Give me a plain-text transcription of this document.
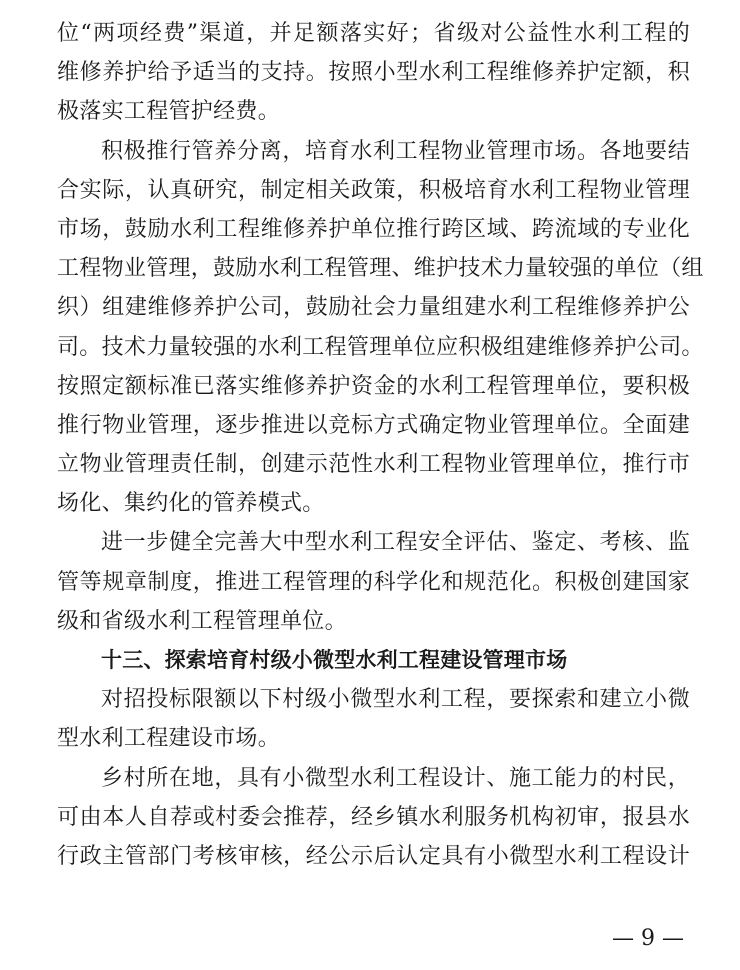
位“两项经费”渠道，并足额落实好；省级对公益性水利工程的
维修养护给予适当的支持。按照小型水利工程维修养护定额，积
极落实工程管护经费。
积极推行管养分离，培育水利工程物业管理市场。各地要结
合实际，认真研究，制定相关政策，积极培育水利工程物业管理
市场，鼓励水利工程维修养护单位推行跨区域、跨流域的专业化
工程物业管理，鼓励水利工程管理、维护技术力量较强的单位（组
织）组建维修养护公司，鼓励社会力量组建水利工程维修养护公
司。技术力量较强的水利工程管理单位应积极组建维修养护公司。
按照定额标准已落实维修养护资金的水利工程管理单位，要积极
推行物业管理，逐步推进以竞标方式确定物业管理单位。全面建
立物业管理责任制，创建示范性水利工程物业管理单位，推行市
场化、集约化的管养模式。
进一步健全完善大中型水利工程安全评估、鉴定、考核、监
管等规章制度，推进工程管理的科学化和规范化。积极创建国家
级和省级水利工程管理单位。
十三、探索培育村级小微型水利工程建设管理市场
对招投标限额以下村级小微型水利工程，要探索和建立小微
型水利工程建设市场。
乡村所在地，具有小微型水利工程设计、施工能力的村民，
可由本人自荐或村委会推荐，经乡镇水利服务机构初审，报县水
行政主管部门考核审核，经公示后认定具有小微型水利工程设计
— 9 —
